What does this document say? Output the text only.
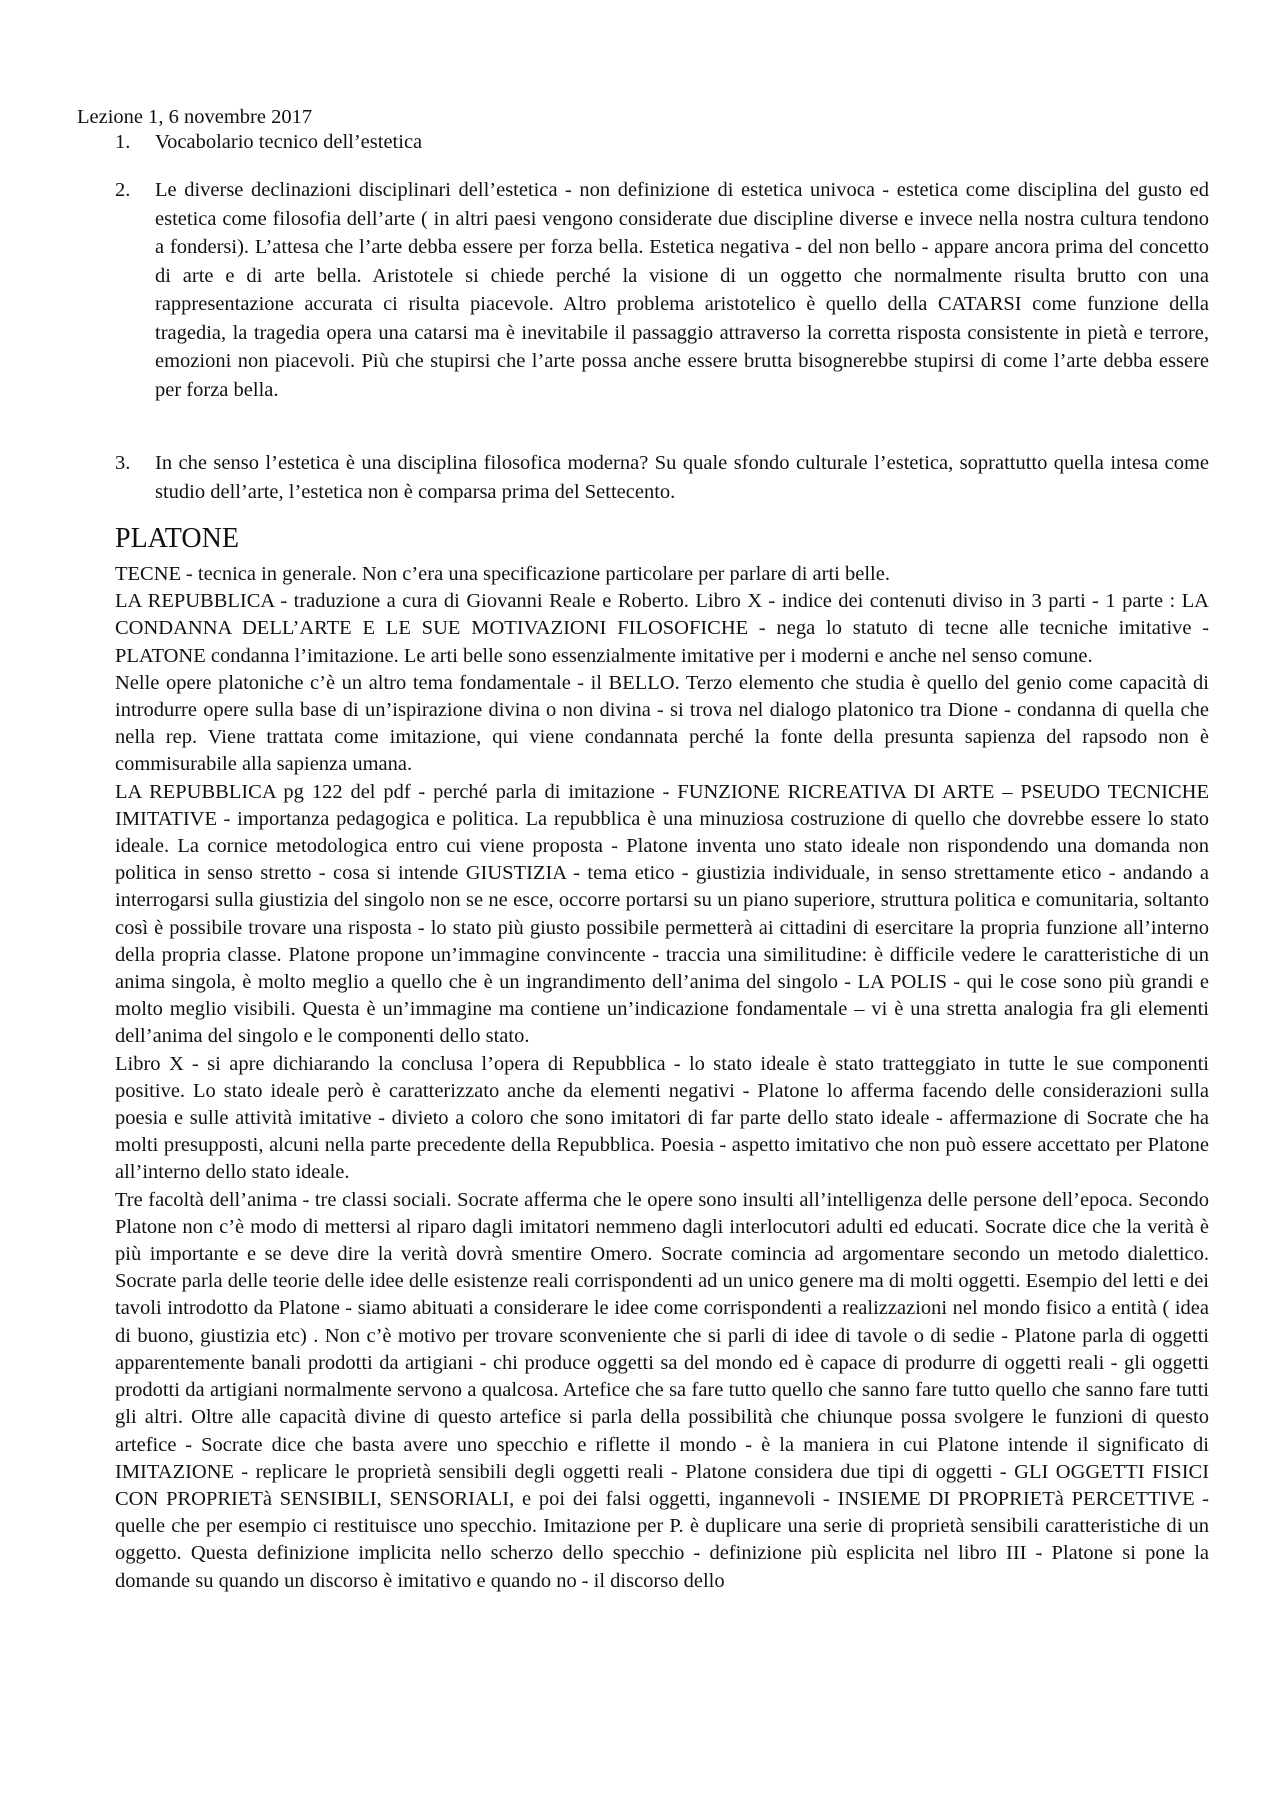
Lezione 1, 6 novembre 2017
1.	Vocabolario tecnico dell’estetica
2.	Le diverse declinazioni disciplinari dell’estetica ➡ non definizione di estetica univoca ➡ estetica come disciplina del gusto ed estetica come filosofia dell’arte ( in altri paesi vengono considerate due discipline diverse e invece nella nostra cultura tendono a fondersi). L’attesa che l’arte debba essere per forza bella. Estetica negativa ➡ del non bello ➡ appare ancora prima del concetto di arte e di arte bella. Aristotele si chiede perché la visione di un oggetto che normalmente risulta brutto con una rappresentazione accurata ci risulta piacevole. Altro problema aristotelico è quello della CATARSI come funzione della tragedia, la tragedia opera una catarsi ma è inevitabile il passaggio attraverso la corretta risposta consistente in pietà e terrore, emozioni non piacevoli. Più che stupirsi che l’arte possa anche essere brutta bisognerebbe stupirsi di come l’arte debba essere per forza bella.
3.	In che senso l’estetica è una disciplina filosofica moderna? Su quale sfondo culturale l’estetica, soprattutto quella intesa come studio dell’arte, l’estetica non è comparsa prima del Settecento.
PLATONE

TECNE ➡ tecnica in generale. Non c’era una specificazione particolare per parlare di arti belle.

LA REPUBBLICA ➡ traduzione a cura di Giovanni Reale e Roberto. Libro X ➡ indice dei contenuti diviso in 3 parti ➡ 1 parte : LA CONDANNA DELL’ARTE E LE SUE MOTIVAZIONI FILOSOFICHE ➡ nega lo statuto di tecne alle tecniche imitative ➡ PLATONE condanna l’imitazione. Le arti belle sono essenzialmente imitative per i moderni e anche nel senso comune.

Nelle opere platoniche c’è un altro tema fondamentale ➡ il BELLO. Terzo elemento che studia è quello del genio come capacità di introdurre opere sulla base di un’ispirazione divina o non divina ➡ si trova nel dialogo platonico tra Dione ➡ condanna di quella che nella rep. Viene trattata come imitazione, qui viene condannata perché la fonte della presunta sapienza del rapsodo non è commisurabile alla sapienza umana.

LA REPUBBLICA pg 122 del pdf ➡ perché parla di imitazione ➡ FUNZIONE RICREATIVA DI ARTE – PSEUDO TECNICHE IMITATIVE ➡ importanza pedagogica e politica. La repubblica è una minuziosa costruzione di quello che dovrebbe essere lo stato ideale. La cornice metodologica entro cui viene proposta ➡ Platone inventa uno stato ideale non rispondendo una domanda non politica in senso stretto ➡ cosa si intende GIUSTIZIA ➡ tema etico ➡ giustizia individuale, in senso strettamente etico ➡ andando a interrogarsi sulla giustizia del singolo non se ne esce, occorre portarsi su un piano superiore, struttura politica e comunitaria, soltanto così è possibile trovare una risposta ➡ lo stato più giusto possibile permetterà ai cittadini di esercitare la propria funzione all’interno della propria classe. Platone propone un’immagine convincente ➡ traccia una similitudine: è difficile vedere le caratteristiche di un anima singola, è molto meglio a quello che è un ingrandimento dell’anima del singolo ➡ LA POLIS ➡ qui le cose sono più grandi e molto meglio visibili. Questa è un’immagine ma contiene un’indicazione fondamentale – vi è una stretta analogia fra gli elementi dell’anima del singolo e le componenti dello stato.

Libro X ➡ si apre dichiarando la conclusa l’opera di Repubblica ➡ lo stato ideale è stato tratteggiato in tutte le sue componenti positive. Lo stato ideale però è caratterizzato anche da elementi negativi ➡ Platone lo afferma facendo delle considerazioni sulla poesia e sulle attività imitative ➡ divieto a coloro che sono imitatori di far parte dello stato ideale ➡ affermazione di Socrate che ha molti presupposti, alcuni nella parte precedente della Repubblica. Poesia ➡ aspetto imitativo che non può essere accettato per Platone all’interno dello stato ideale.

Tre facoltà dell’anima ➡ tre classi sociali. Socrate afferma che le opere sono insulti all’intelligenza delle persone dell’epoca. Secondo Platone non c’è modo di mettersi al riparo dagli imitatori nemmeno dagli interlocutori adulti ed educati. Socrate dice che la verità è più importante e se deve dire la verità dovrà smentire Omero. Socrate comincia ad argomentare secondo un metodo dialettico. Socrate parla delle teorie delle idee delle esistenze reali corrispondenti ad un unico genere ma di molti oggetti. Esempio del letti e dei tavoli introdotto da Platone ➡ siamo abituati a considerare le idee come corrispondenti a realizzazioni nel mondo fisico a entità ( idea di buono, giustizia etc) . Non c’è motivo per trovare sconveniente che si parli di idee di tavole o di sedie ➡ Platone parla di oggetti apparentemente banali prodotti da artigiani ➡ chi produce oggetti sa del mondo ed è capace di produrre di oggetti reali ➡ gli oggetti prodotti da artigiani normalmente servono a qualcosa. Artefice che sa fare tutto quello che sanno fare tutto quello che sanno fare tutti gli altri. Oltre alle capacità divine di questo artefice si parla della possibilità che chiunque possa svolgere le funzioni di questo artefice ➡ Socrate dice che basta avere uno specchio e riflette il mondo ➡ è la maniera in cui Platone intende il significato di IMITAZIONE ➡ replicare le proprietà sensibili degli oggetti reali ➡ Platone considera due tipi di oggetti ➡ GLI OGGETTI FISICI CON PROPRIETà SENSIBILI, SENSORIALI, e poi dei falsi oggetti, ingannevoli ➡ INSIEME DI PROPRIETà PERCETTIVE ➡ quelle che per esempio ci restituisce uno specchio. Imitazione per P. è duplicare una serie di proprietà sensibili caratteristiche di un oggetto. Questa definizione implicita nello scherzo dello specchio ➡ definizione più esplicita nel libro III ➡ Platone si pone la domande su quando un discorso è imitativo e quando no ➡ il discorso dello
